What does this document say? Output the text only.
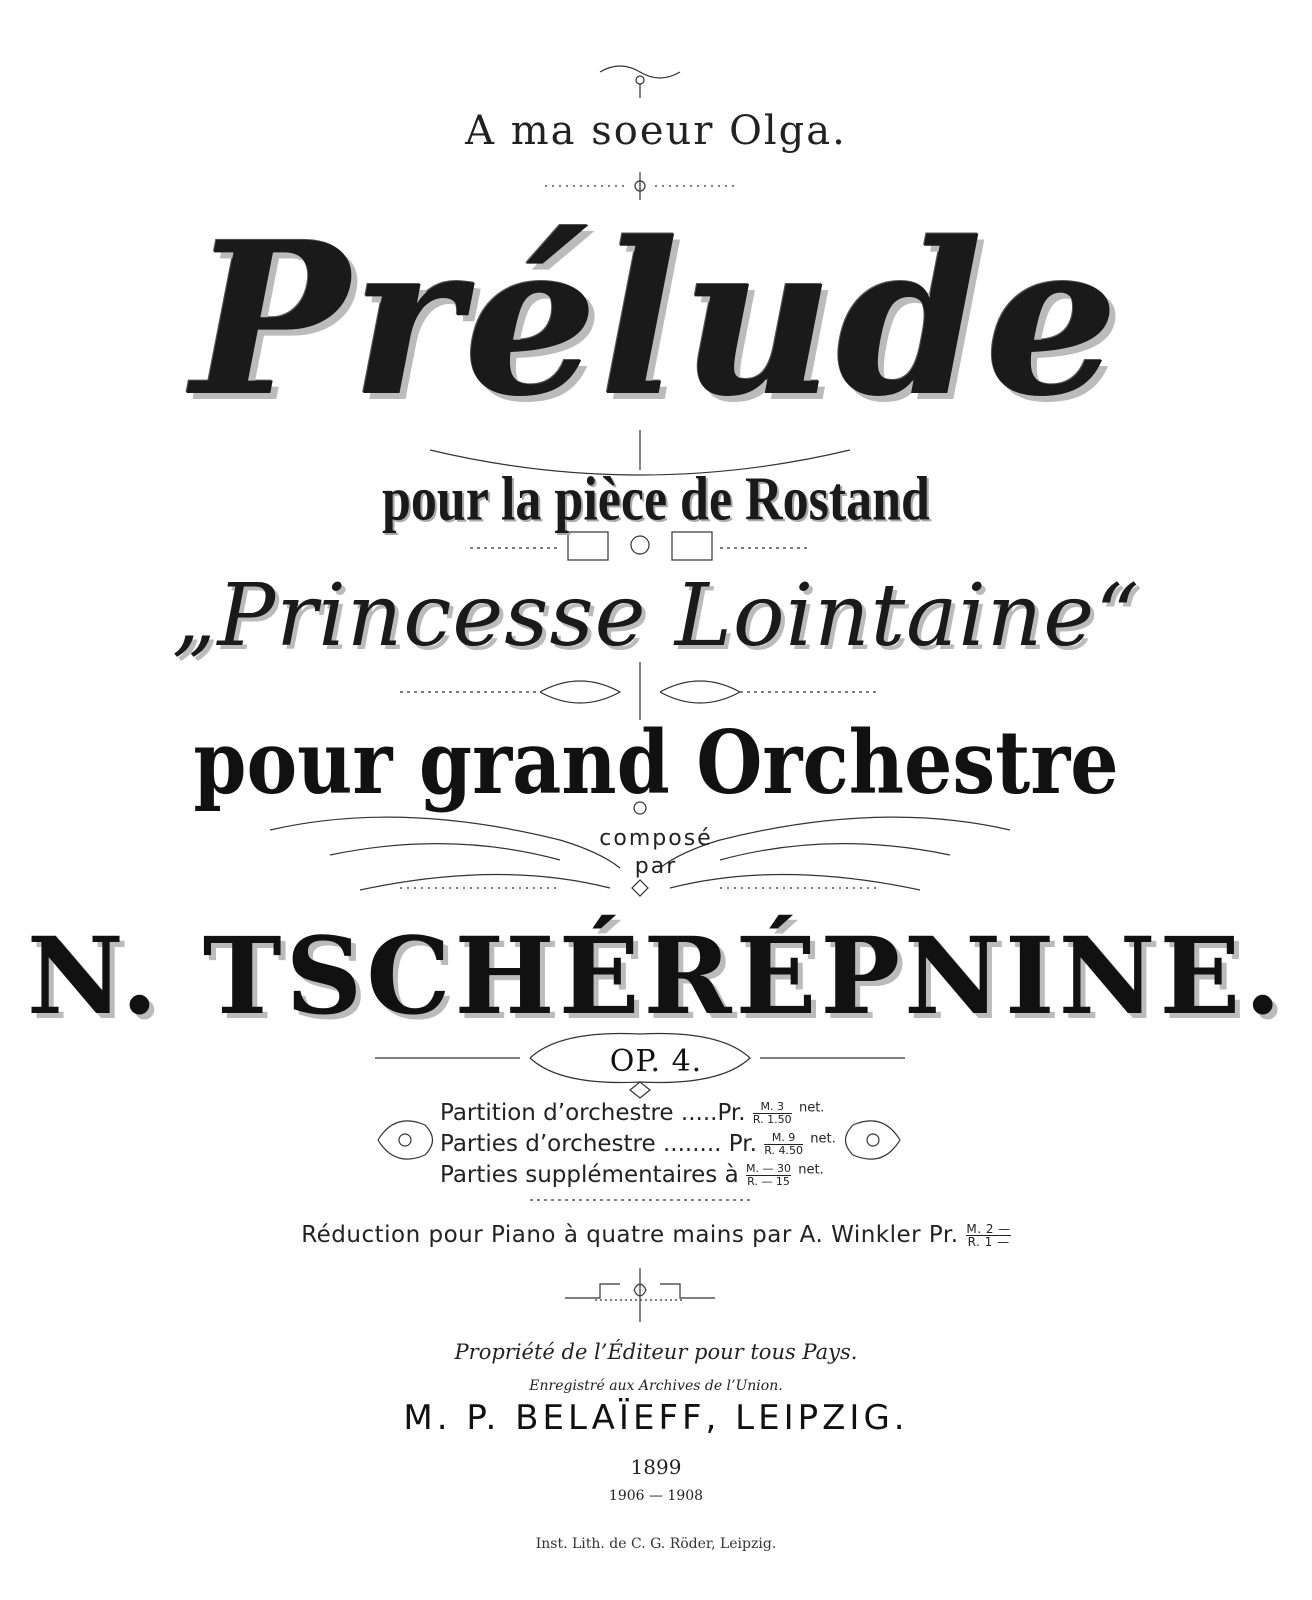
A ma soeur Olga.
Prélude
pour la pièce de Rostand
„Princesse Lointaine“
pour grand Orchestre
composé
par
N. TSCHÉRÉPNINE.
OP. 4.
Partition d’orchestre .....Pr. $\frac{M. 3}{R. 1.50} ^{net.}$
Parties d’orchestre ........ Pr. $\frac{M. 9}{R. 4.50} ^{net.}$
Parties supplémentaires à $\frac{M. — 30}{R. — 15} ^{net.}$
Réduction pour Piano à quatre mains par A. Winkler Pr. $\frac{M. 2 —}{R. 1 —}$
Propriété de l’Éditeur pour tous Pays.
Enregistré aux Archives de l’Union.
M. P. BELAÏEFF, LEIPZIG.
1899
1906 — 1908
Inst. Lith. de C. G. Röder, Leipzig.
